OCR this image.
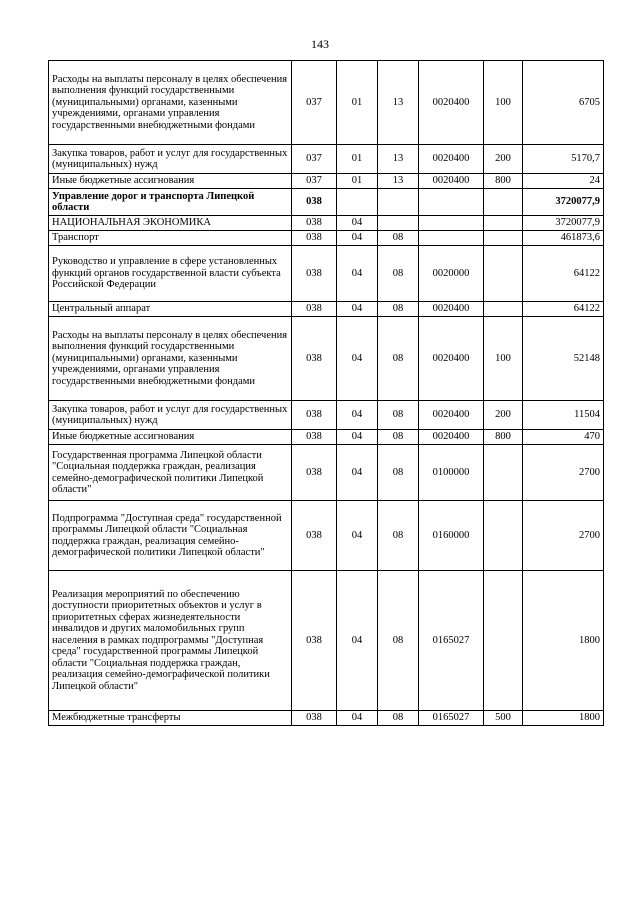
143
Расходы на выплаты персоналу в целях обеспечения выполнения функций государственными (муниципальными) органами, казенными учреждениями, органами управления государственными внебюджетными фондами	037	01	13	0020400	100	6705
Закупка товаров, работ и услуг для государственных (муниципальных) нужд	037	01	13	0020400	200	5170,7
Иные бюджетные ассигнования	037	01	13	0020400	800	24
Управление дорог и транспорта Липецкой области	038					3720077,9
НАЦИОНАЛЬНАЯ ЭКОНОМИКА	038	04				3720077,9
Транспорт	038	04	08			461873,6
Руководство и управление в сфере установленных функций органов государственной власти субъекта Российской Федерации	038	04	08	0020000		64122
Центральный аппарат	038	04	08	0020400		64122
Расходы на выплаты персоналу в целях обеспечения выполнения функций государственными (муниципальными) органами, казенными учреждениями, органами управления государственными внебюджетными фондами	038	04	08	0020400	100	52148
Закупка товаров, работ и услуг для государственных (муниципальных) нужд	038	04	08	0020400	200	11504
Иные бюджетные ассигнования	038	04	08	0020400	800	470
Государственная программа Липецкой области "Социальная поддержка граждан, реализация семейно-демографической политики Липецкой области"	038	04	08	0100000		2700
Подпрограмма "Доступная среда" государственной программы Липецкой области "Социальная поддержка граждан, реализация семейно-демографической политики Липецкой области"	038	04	08	0160000		2700
Реализация мероприятий по обеспечению доступности приоритетных объектов и услуг в приоритетных сферах жизнедеятельности инвалидов и других маломобильных групп населения в рамках подпрограммы "Доступная среда" государственной программы Липецкой области "Социальная поддержка граждан, реализация семейно-демографической политики Липецкой области"	038	04	08	0165027		1800
Межбюджетные трансферты	038	04	08	0165027	500	1800
